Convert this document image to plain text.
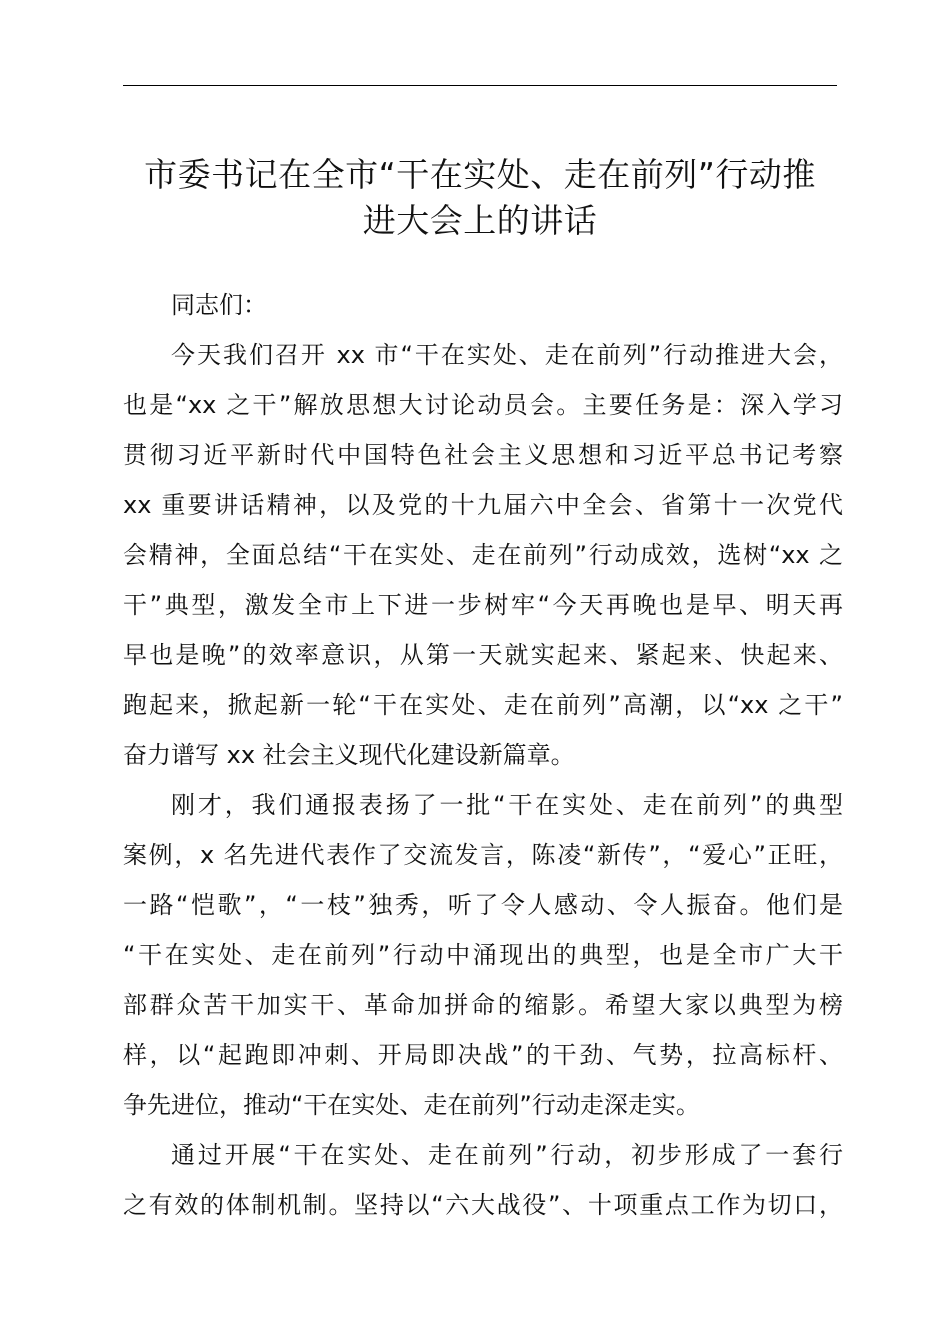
市委书记在全市“干在实处、走在前列”行动推
进大会上的讲话

同志们：

今天我们召开 xx 市“干在实处、走在前列”行动推进大会，
也是“xx 之干”解放思想大讨论动员会。主要任务是：深入学习
贯彻习近平新时代中国特色社会主义思想和习近平总书记考察
xx 重要讲话精神，以及党的十九届六中全会、省第十一次党代
会精神，全面总结“干在实处、走在前列”行动成效，选树“xx 之
干”典型，激发全市上下进一步树牢“今天再晚也是早、明天再
早也是晚”的效率意识，从第一天就实起来、紧起来、快起来、
跑起来，掀起新一轮“干在实处、走在前列”高潮，以“xx 之干”
奋力谱写 xx 社会主义现代化建设新篇章。

刚才，我们通报表扬了一批“干在实处、走在前列”的典型
案例，x 名先进代表作了交流发言，陈凌“新传”，“爱心”正旺，
一路“恺歌”，“一枝”独秀，听了令人感动、令人振奋。他们是
“干在实处、走在前列”行动中涌现出的典型，也是全市广大干
部群众苦干加实干、革命加拼命的缩影。希望大家以典型为榜
样，以“起跑即冲刺、开局即决战”的干劲、气势，拉高标杆、
争先进位，推动“干在实处、走在前列”行动走深走实。

通过开展“干在实处、走在前列”行动，初步形成了一套行
之有效的体制机制。坚持以“六大战役”、十项重点工作为切口，
